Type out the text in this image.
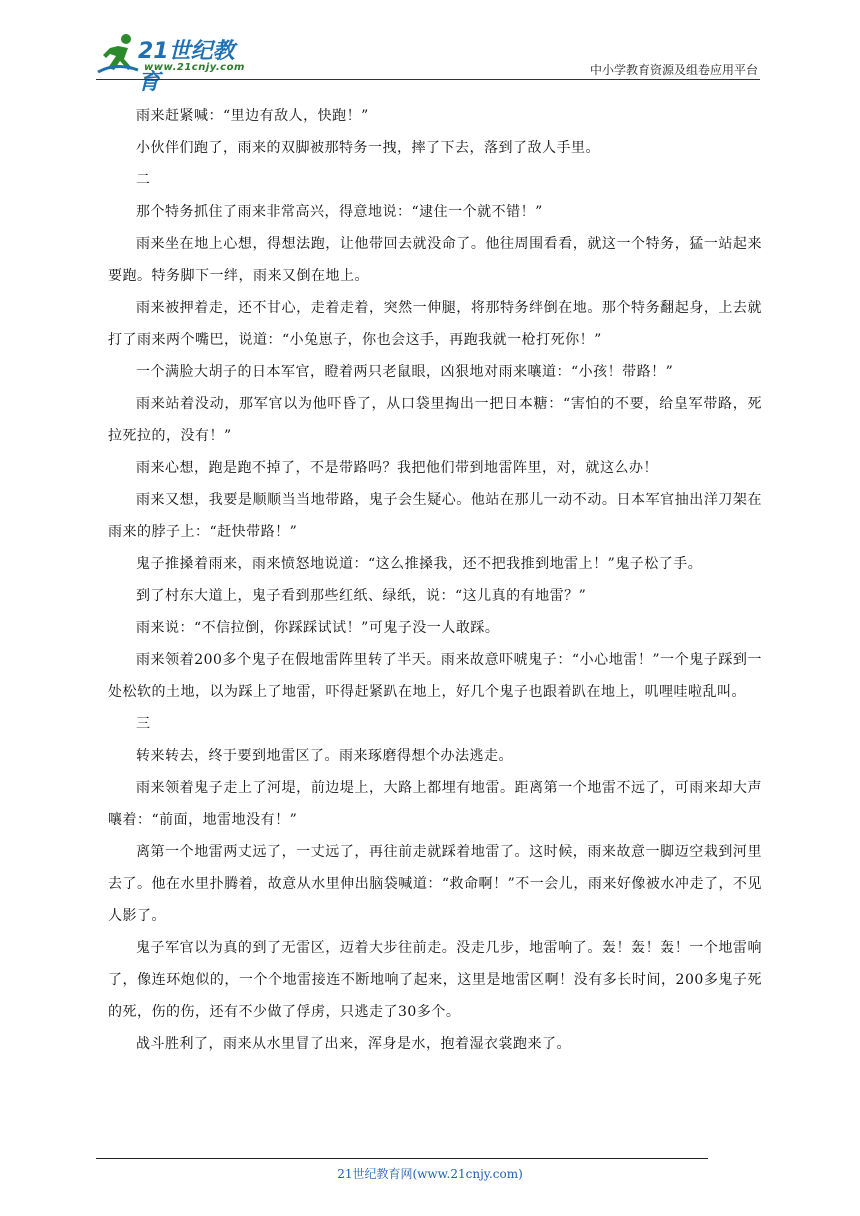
21世纪教育
www.21cnjy.com	中小学教育资源及组卷应用平台

雨来赶紧喊：“里边有敌人，快跑！”

小伙伴们跑了，雨来的双脚被那特务一拽，摔了下去，落到了敌人手里。

二

那个特务抓住了雨来非常高兴，得意地说：“逮住一个就不错！”

雨来坐在地上心想，得想法跑，让他带回去就没命了。他往周围看看，就这一个特务，猛一站起来要跑。特务脚下一绊，雨来又倒在地上。

雨来被押着走，还不甘心，走着走着，突然一伸腿，将那特务绊倒在地。那个特务翻起身，上去就打了雨来两个嘴巴，说道：“小兔崽子，你也会这手，再跑我就一枪打死你！”

一个满脸大胡子的日本军官，瞪着两只老鼠眼，凶狠地对雨来嚷道：“小孩！带路！”

雨来站着没动，那军官以为他吓昏了，从口袋里掏出一把日本糖：“害怕的不要，给皇军带路，死拉死拉的，没有！”

雨来心想，跑是跑不掉了，不是带路吗？我把他们带到地雷阵里，对，就这么办！

雨来又想，我要是顺顺当当地带路，鬼子会生疑心。他站在那儿一动不动。日本军官抽出洋刀架在雨来的脖子上：“赶快带路！”

鬼子推搡着雨来，雨来愤怒地说道：“这么推搡我，还不把我推到地雷上！”鬼子松了手。

到了村东大道上，鬼子看到那些红纸、绿纸，说：“这儿真的有地雷？”

雨来说：“不信拉倒，你踩踩试试！”可鬼子没一人敢踩。

雨来领着200多个鬼子在假地雷阵里转了半天。雨来故意吓唬鬼子：“小心地雷！”一个鬼子踩到一处松软的土地，以为踩上了地雷，吓得赶紧趴在地上，好几个鬼子也跟着趴在地上，叽哩哇啦乱叫。

三

转来转去，终于要到地雷区了。雨来琢磨得想个办法逃走。

雨来领着鬼子走上了河堤，前边堤上，大路上都埋有地雷。距离第一个地雷不远了，可雨来却大声嚷着：“前面，地雷地没有！”

离第一个地雷两丈远了，一丈远了，再往前走就踩着地雷了。这时候，雨来故意一脚迈空栽到河里去了。他在水里扑腾着，故意从水里伸出脑袋喊道：“救命啊！”不一会儿，雨来好像被水冲走了，不见人影了。

鬼子军官以为真的到了无雷区，迈着大步往前走。没走几步，地雷响了。轰！轰！轰！一个地雷响了，像连环炮似的，一个个地雷接连不断地响了起来，这里是地雷区啊！没有多长时间，200多鬼子死的死，伤的伤，还有不少做了俘虏，只逃走了30多个。

战斗胜利了，雨来从水里冒了出来，浑身是水，抱着湿衣裳跑来了。

21世纪教育网(www.21cnjy.com)
